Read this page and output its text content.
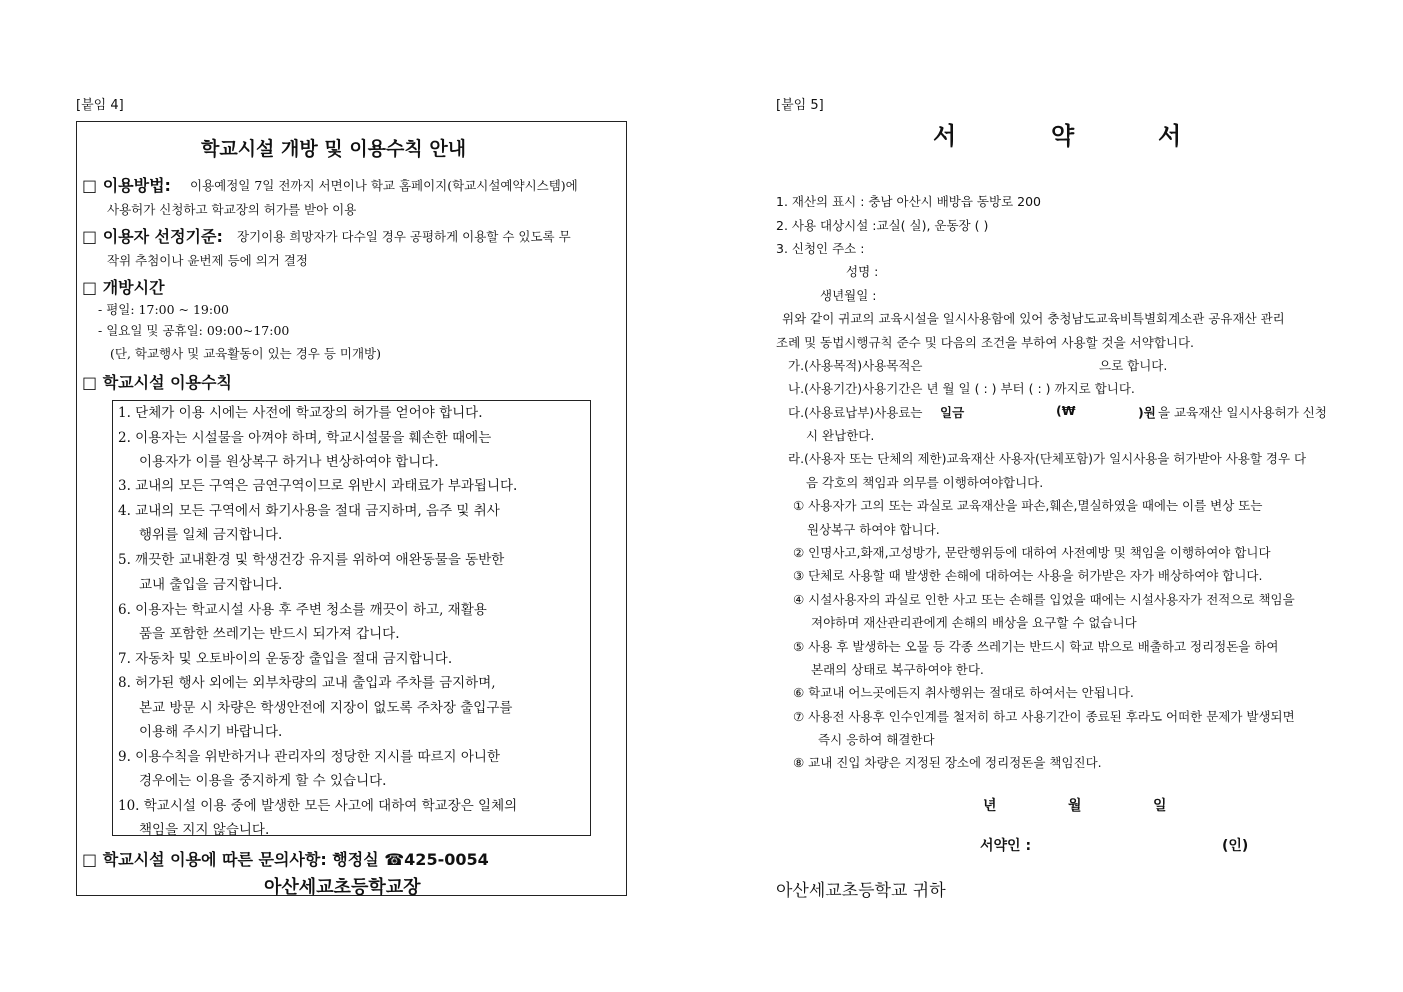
[붙임 4]
학교시설 개방 및 이용수칙 안내
□ 이용방법: 이용예정일 7일 전까지 서면이나 학교 홈페이지(학교시설예약시스템)에
사용허가 신청하고 학교장의 허가를 받아 이용
□ 이용자 선정기준: 장기이용 희망자가 다수일 경우 공평하게 이용할 수 있도록 무
작위 추첨이나 윤번제 등에 의거 결정
□ 개방시간
- 평일: 17:00 ~ 19:00
- 일요일 및 공휴일: 09:00~17:00
(단, 학교행사 및 교육활동이 있는 경우 등 미개방)
□ 학교시설 이용수칙
1. 단체가 이용 시에는 사전에 학교장의 허가를 얻어야 합니다.
2. 이용자는 시설물을 아껴야 하며, 학교시설물을 훼손한 때에는
이용자가 이를 원상복구 하거나 변상하여야 합니다.
3. 교내의 모든 구역은 금연구역이므로 위반시 과태료가 부과됩니다.
4. 교내의 모든 구역에서 화기사용을 절대 금지하며, 음주 및 취사
행위를 일체 금지합니다.
5. 깨끗한 교내환경 및 학생건강 유지를 위하여 애완동물을 동반한
교내 출입을 금지합니다.
6. 이용자는 학교시설 사용 후 주변 청소를 깨끗이 하고, 재활용
품을 포함한 쓰레기는 반드시 되가져 갑니다.
7. 자동차 및 오토바이의 운동장 출입을 절대 금지합니다.
8. 허가된 행사 외에는 외부차량의 교내 출입과 주차를 금지하며,
본교 방문 시 차량은 학생안전에 지장이 없도록 주차장 출입구를
이용해 주시기 바랍니다.
9. 이용수칙을 위반하거나 관리자의 정당한 지시를 따르지 아니한
경우에는 이용을 중지하게 할 수 있습니다.
10. 학교시설 이용 중에 발생한 모든 사고에 대하여 학교장은 일체의
책임을 지지 않습니다.
□ 학교시설 이용에 따른 문의사항: 행정실 ☎425-0054
아산세교초등학교장
[붙임 5]
서	약	서
1. 재산의 표시 : 충남 아산시 배방읍 동방로 200
2. 사용 대상시설 :교실( 실), 운동장 ( )
3. 신청인 주소 :
성명 :
생년월일 :
위와 같이 귀교의 교육시설을 일시사용함에 있어 충청남도교육비특별회계소관 공유재산 관리
조례 및 동법시행규칙 준수 및 다음의 조건을 부하여 사용할 것을 서약합니다.
가.(사용목적)사용목적은	으로 합니다.
나.(사용기간)사용기간은 년 월 일 ( : ) 부터 ( : ) 까지로 합니다.
다.(사용료납부)사용료는 일금	(₩	)원 을 교육재산 일시사용허가 신청
시 완납한다.
라.(사용자 또는 단체의 제한)교육재산 사용자(단체포함)가 일시사용을 허가받아 사용할 경우 다
음 각호의 책임과 의무를 이행하여야합니다.
① 사용자가 고의 또는 과실로 교육재산을 파손,훼손,멸실하였을 때에는 이를 변상 또는
원상복구 하여야 합니다.
② 인명사고,화재,고성방가, 문란행위등에 대하여 사전예방 및 책임을 이행하여야 합니다
③ 단체로 사용할 때 발생한 손해에 대하여는 사용을 허가받은 자가 배상하여야 합니다.
④ 시설사용자의 과실로 인한 사고 또는 손해를 입었을 때에는 시설사용자가 전적으로 책임을
져야하며 재산관리관에게 손해의 배상을 요구할 수 없습니다
⑤ 사용 후 발생하는 오물 등 각종 쓰레기는 반드시 학교 밖으로 배출하고 정리정돈을 하여
본래의 상태로 복구하여야 한다.
⑥ 학교내 어느곳에든지 취사행위는 절대로 하여서는 안됩니다.
⑦ 사용전 사용후 인수인계를 철저히 하고 사용기간이 종료된 후라도 어떠한 문제가 발생되면
즉시 응하여 해결한다
⑧ 교내 진입 차량은 지정된 장소에 정리정돈을 책임진다.
년	월	일
서약인 :	(인)
아산세교초등학교 귀하
